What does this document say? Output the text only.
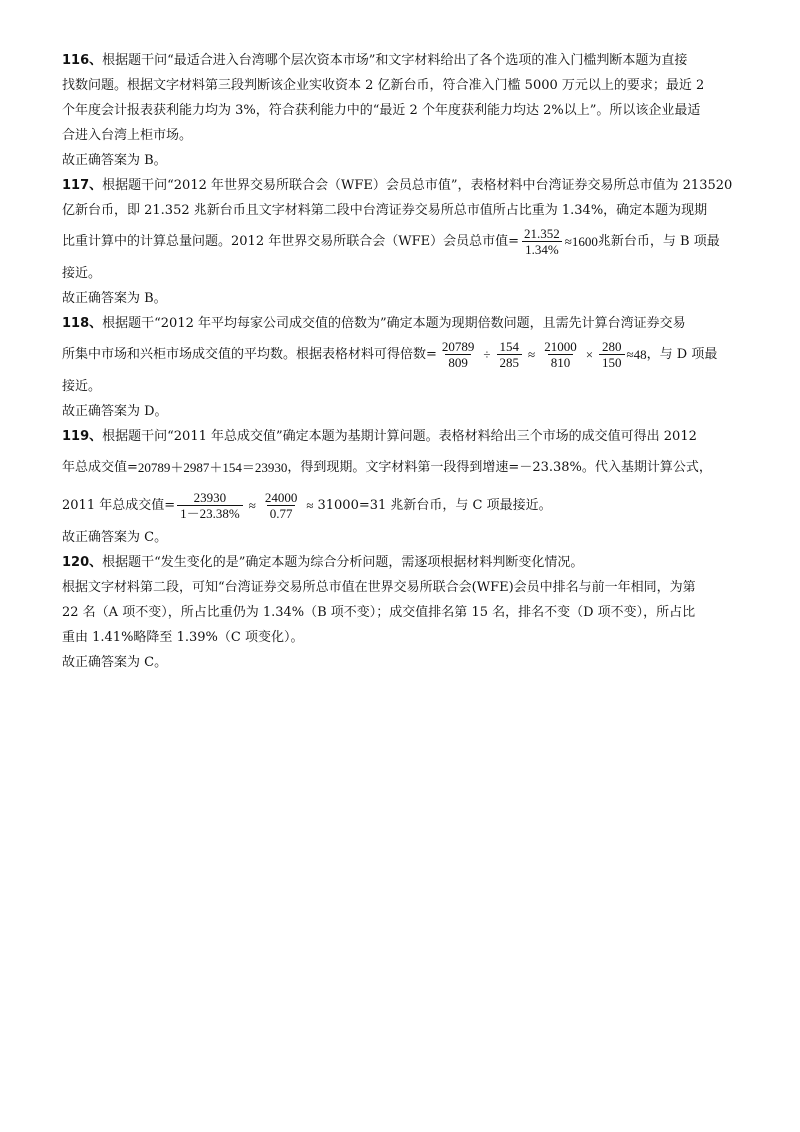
116、根据题干问“最适合进入台湾哪个层次资本市场”和文字材料给出了各个选项的准入门槛判断本题为直接
找数问题。根据文字材料第三段判断该企业实收资本 2 亿新台币，符合准入门槛 5000 万元以上的要求；最近 2
个年度会计报表获利能力均为 3%，符合获利能力中的“最近 2 个年度获利能力均达 2%以上”。所以该企业最适
合进入台湾上柜市场。
故正确答案为 B。
117、根据题干问“2012 年世界交易所联合会（WFE）会员总市值”，表格材料中台湾证券交易所总市值为 213520
亿新台币，即 21.352 兆新台币且文字材料第二段中台湾证券交易所总市值所占比重为 1.34%，确定本题为现期
比重计算中的计算总量问题。2012 年世界交易所联合会（WFE）会员总市值= $\frac{21.352}{1.34\%} \approx 1600$ 兆新台币，与 B 项最
接近。
故正确答案为 B。
118、根据题干“2012 年平均每家公司成交值的倍数为”确定本题为现期倍数问题，且需先计算台湾证券交易
所集中市场和兴柜市场成交值的平均数。根据表格材料可得倍数= $\frac{20789}{809} \div \frac{154}{285} \approx \frac{21000}{810} \times \frac{280}{150} \approx 48$ ，与 D 项最
接近。
故正确答案为 D。
119、根据题干问“2011 年总成交值”确定本题为基期计算问题。表格材料给出三个市场的成交值可得出 2012
年总成交值=20789＋2987＋154＝23930，得到现期。文字材料第一段得到增速=－23.38%。代入基期计算公式，
2011 年总成交值= $\frac{23930}{1-23.38\%} \approx \frac{24000}{0.77} \approx 31000=31$ 兆新台币，与 C 项最接近。
故正确答案为 C。
120、根据题干“发生变化的是”确定本题为综合分析问题，需逐项根据材料判断变化情况。
根据文字材料第二段，可知“台湾证券交易所总市值在世界交易所联合会(WFE)会员中排名与前一年相同，为第
22 名（A 项不变），所占比重仍为 1.34%（B 项不变）；成交值排名第 15 名，排名不变（D 项不变），所占比
重由 1.41%略降至 1.39%（C 项变化）。
故正确答案为 C。
